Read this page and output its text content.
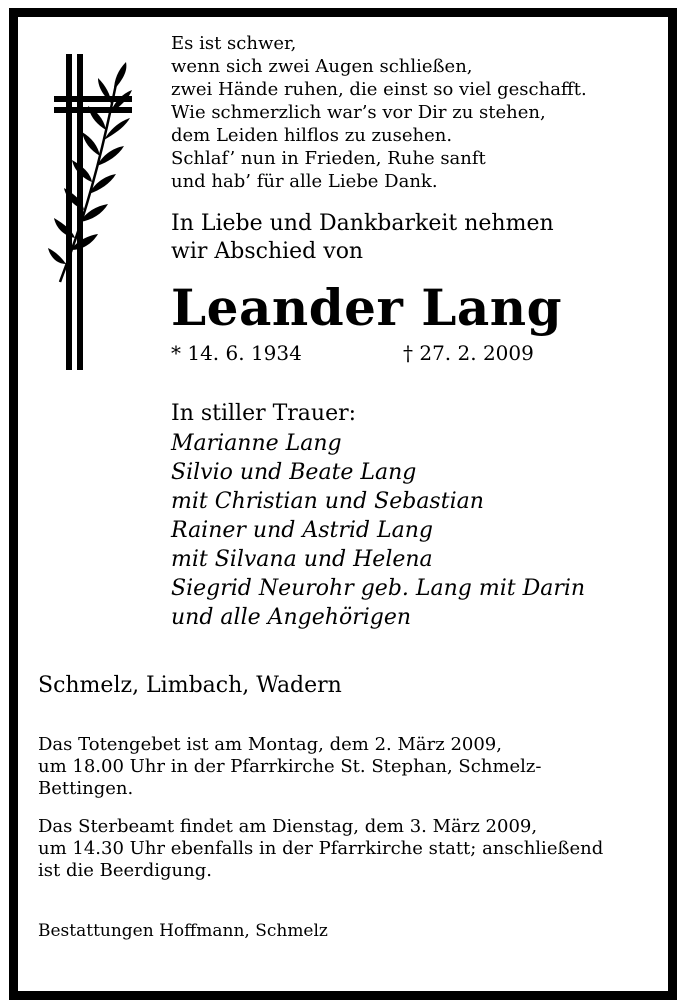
Es ist schwer,
wenn sich zwei Augen schließen,
zwei Hände ruhen, die einst so viel geschafft.
Wie schmerzlich war’s vor Dir zu stehen,
dem Leiden hilflos zu zusehen.
Schlaf’ nun in Frieden, Ruhe sanft
und hab’ für alle Liebe Dank.
In Liebe und Dankbarkeit nehmen
wir Abschied von
Leander Lang
* 14. 6. 1934	† 27. 2. 2009
In stiller Trauer:
Marianne Lang
Silvio und Beate Lang
mit Christian und Sebastian
Rainer und Astrid Lang
mit Silvana und Helena
Siegrid Neurohr geb. Lang mit Darin
und alle Angehörigen
Schmelz, Limbach, Wadern
Das Totengebet ist am Montag, dem 2. März 2009,
um 18.00 Uhr in der Pfarrkirche St. Stephan, Schmelz-
Bettingen.
Das Sterbeamt findet am Dienstag, dem 3. März 2009,
um 14.30 Uhr ebenfalls in der Pfarrkirche statt; anschließend
ist die Beerdigung.
Bestattungen Hoffmann, Schmelz
